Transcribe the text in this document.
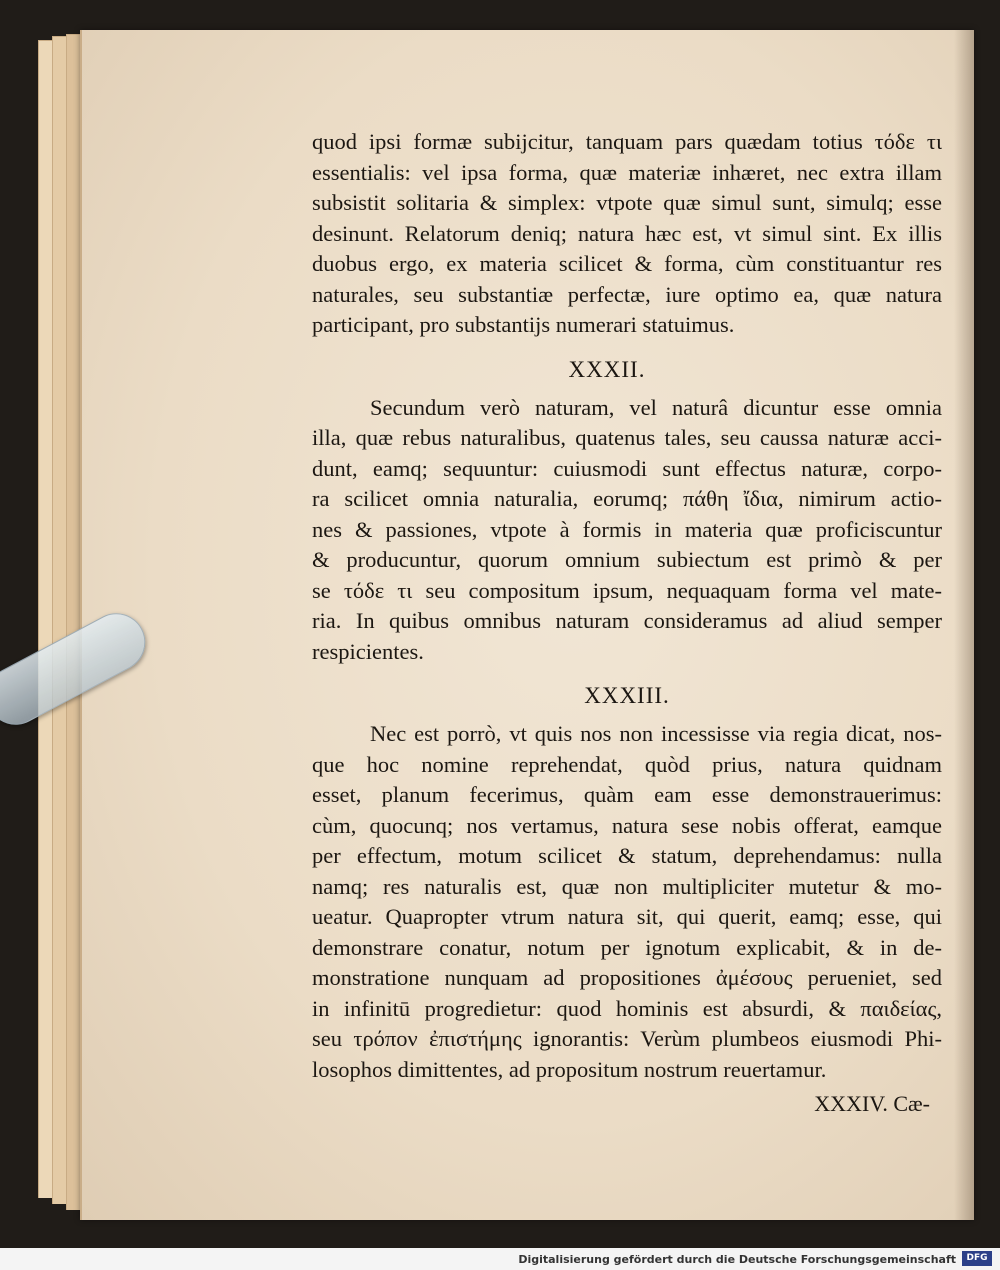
quod ipsi formæ subijcitur, tanquam pars quædam totius τόδε τι
essentialis: vel ipsa forma, quæ materiæ inhæret, nec extra illam
subsistit solitaria & simplex: vtpote quæ simul sunt, simulq; esse
desinunt. Relatorum deniq; natura hæc est, vt simul sint. Ex illis
duobus ergo, ex materia scilicet & forma, cùm constituantur res
naturales, seu substantiæ perfectæ, iure optimo ea, quæ natura
participant, pro substantijs numerari statuimus.
XXXII.
Secundum verò naturam, vel naturâ dicuntur esse omnia
illa, quæ rebus naturalibus, quatenus tales, seu caussa naturæ acci-
dunt, eamq; sequuntur: cuiusmodi sunt effectus naturæ, corpo-
ra scilicet omnia naturalia, eorumq; πάθη ἴδια, nimirum actio-
nes & passiones, vtpote à formis in materia quæ proficiscuntur
& producuntur, quorum omnium subiectum est primò & per
se τόδε τι seu compositum ipsum, nequaquam forma vel mate-
ria. In quibus omnibus naturam consideramus ad aliud semper
respicientes.
XXXIII.
Nec est porrò, vt quis nos non incessisse via regia dicat, nos-
que hoc nomine reprehendat, quòd prius, natura quidnam
esset, planum fecerimus, quàm eam esse demonstrauerimus:
cùm, quocunq; nos vertamus, natura sese nobis offerat, eamque
per effectum, motum scilicet & statum, deprehendamus: nulla
namq; res naturalis est, quæ non multipliciter mutetur & mo-
ueatur. Quapropter vtrum natura sit, qui querit, eamq; esse, qui
demonstrare conatur, notum per ignotum explicabit, & in de-
monstratione nunquam ad propositiones ἀμέσους perueniet, sed
in infinitū progredietur: quod hominis est absurdi, & παιδείας,
seu τρόπον ἐπιστήμης ignorantis: Verùm plumbeos eiusmodi Phi-
losophos dimittentes, ad propositum nostrum reuertamur.
XXXIV. Cæ-
Digitalisierung gefördert durch die Deutsche Forschungsgemeinschaft	DFG
